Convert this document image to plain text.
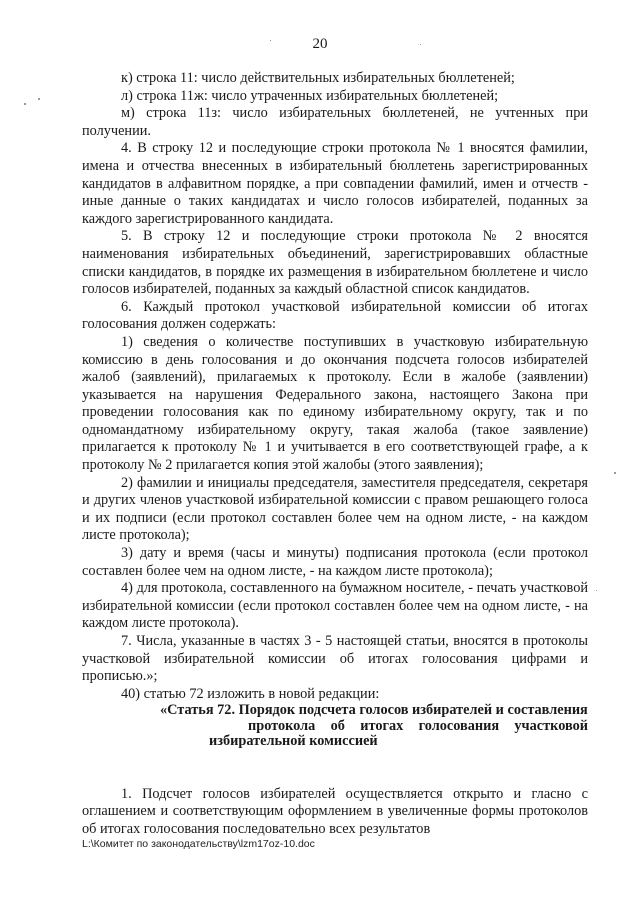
20

к) строка 11: число действительных избирательных бюллетеней;

л) строка 11ж: число утраченных избирательных бюллетеней;

м) строка 11з: число избирательных бюллетеней, не учтенных при получении.

4. В строку 12 и последующие строки протокола № 1 вносятся фамилии, имена и отчества внесенных в избирательный бюллетень зарегистрированных кандидатов в алфавитном порядке, а при совпадении фамилий, имен и отчеств - иные данные о таких кандидатах и число голосов избирателей, поданных за каждого зарегистрированного кандидата.

5. В строку 12 и последующие строки протокола № 2 вносятся наименования избирательных объединений, зарегистрировавших областные списки кандидатов, в порядке их размещения в избирательном бюллетене и число голосов избирателей, поданных за каждый областной список кандидатов.

6. Каждый протокол участковой избирательной комиссии об итогах голосования должен содержать:

1) сведения о количестве поступивших в участковую избирательную комиссию в день голосования и до окончания подсчета голосов избирателей жалоб (заявлений), прилагаемых к протоколу. Если в жалобе (заявлении) указывается на нарушения Федерального закона, настоящего Закона при проведении голосования как по единому избирательному округу, так и по одномандатному избирательному округу, такая жалоба (такое заявление) прилагается к протоколу № 1 и учитывается в его соответствующей графе, а к протоколу № 2 прилагается копия этой жалобы (этого заявления);

2) фамилии и инициалы председателя, заместителя председателя, секретаря и других членов участковой избирательной комиссии с правом решающего голоса и их подписи (если протокол составлен более чем на одном листе, - на каждом листе протокола);

3) дату и время (часы и минуты) подписания протокола (если протокол составлен более чем на одном листе, - на каждом листе протокола);

4) для протокола, составленного на бумажном носителе, - печать участковой избирательной комиссии (если протокол составлен более чем на одном листе, - на каждом листе протокола).

7. Числа, указанные в частях 3 - 5 настоящей статьи, вносятся в протоколы участковой избирательной комиссии об итогах голосования цифрами и прописью.»;

40) статью 72 изложить в новой редакции:

«Статья 72. Порядок подсчета голосов избирателей и составления
протокола об итогах голосования участковой избирательной комиссией

1. Подсчет голосов избирателей осуществляется открыто и гласно с оглашением и соответствующим оформлением в увеличенные формы протоколов об итогах голосования последовательно всех результатов

L:\Комитет по законодательству\lzm17oz-10.doc
